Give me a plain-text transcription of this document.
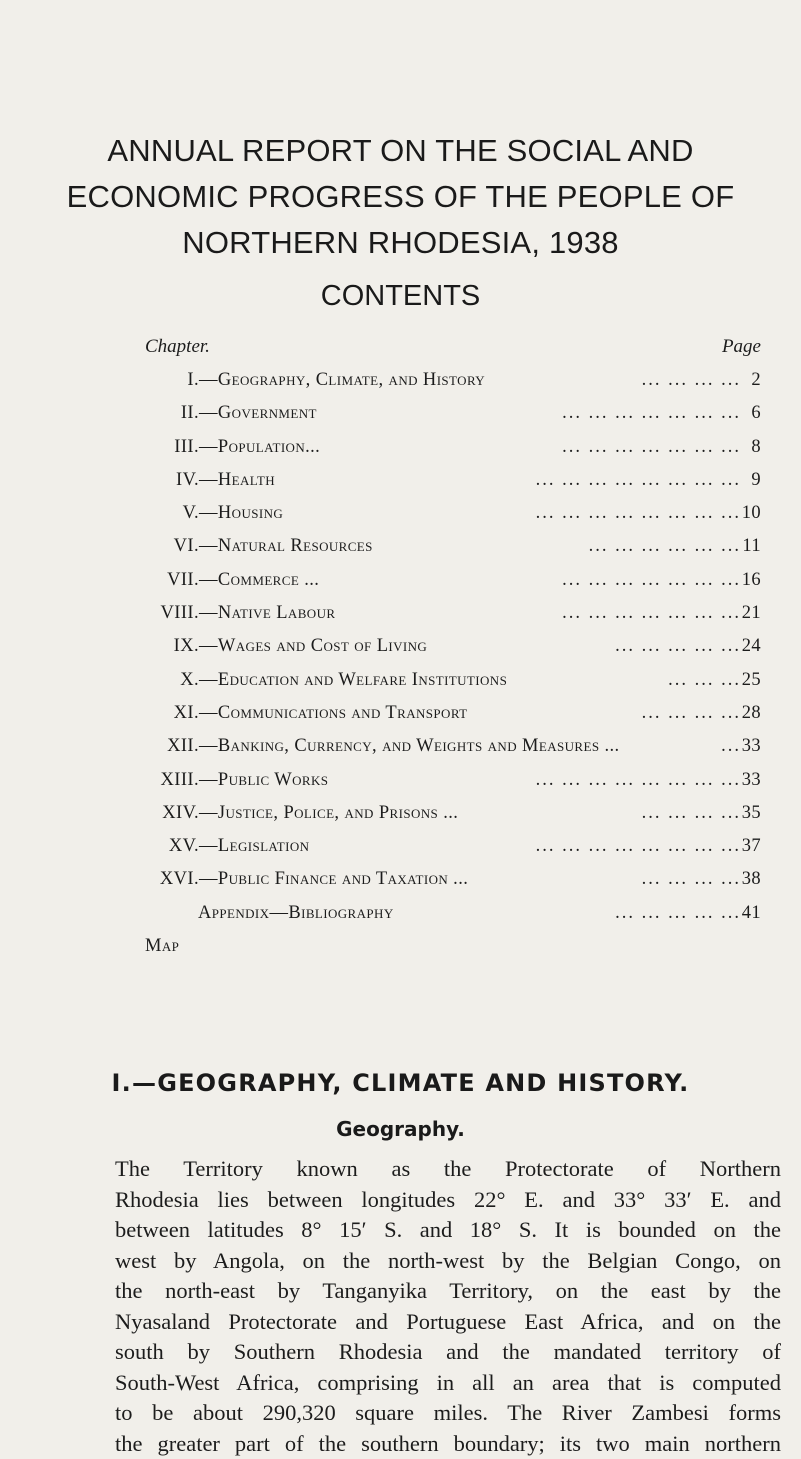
ANNUAL REPORT ON THE SOCIAL AND
ECONOMIC PROGRESS OF THE PEOPLE OF
NORTHERN RHODESIA, 1938
CONTENTS
Chapter.	Page
I. —Geography, Climate, and History	... ... ... ... 2
II. —Government	... ... ... ... ... ... ... 6
III. —Population...	... ... ... ... ... ... ... 8
IV. —Health	... ... ... ... ... ... ... ... 9
V. —Housing	... ... ... ... ... ... ... ... 10
VI. —Natural Resources	... ... ... ... ... ... 11
VII. —Commerce ...	... ... ... ... ... ... ... 16
VIII. —Native Labour	... ... ... ... ... ... ... 21
IX. —Wages and Cost of Living	... ... ... ... ... 24
X. —Education and Welfare Institutions	... ... ... 25
XI. —Communications and Transport	... ... ... ... 28
XII. —Banking, Currency, and Weights and Measures ...	... 33
XIII. —Public Works	... ... ... ... ... ... ... ... 33
XIV. —Justice, Police, and Prisons ...	... ... ... ... 35
XV. —Legislation	... ... ... ... ... ... ... ... 37
XVI. —Public Finance and Taxation ...	... ... ... ... 38
Appendix—Bibliography	... ... ... ... ... 41
Map
I.—GEOGRAPHY, CLIMATE AND HISTORY.
Geography.
The Territory known as the Protectorate of Northern
Rhodesia lies between longitudes 22° E. and 33° 33′ E. and
between latitudes 8° 15′ S. and 18° S. It is bounded on the
west by Angola, on the north-west by the Belgian Congo, on
the north-east by Tanganyika Territory, on the east by the
Nyasaland Protectorate and Portuguese East Africa, and on the
south by Southern Rhodesia and the mandated territory of
South-West Africa, comprising in all an area that is computed
to be about 290,320 square miles. The River Zambesi forms
the greater part of the southern boundary; its two main northern
